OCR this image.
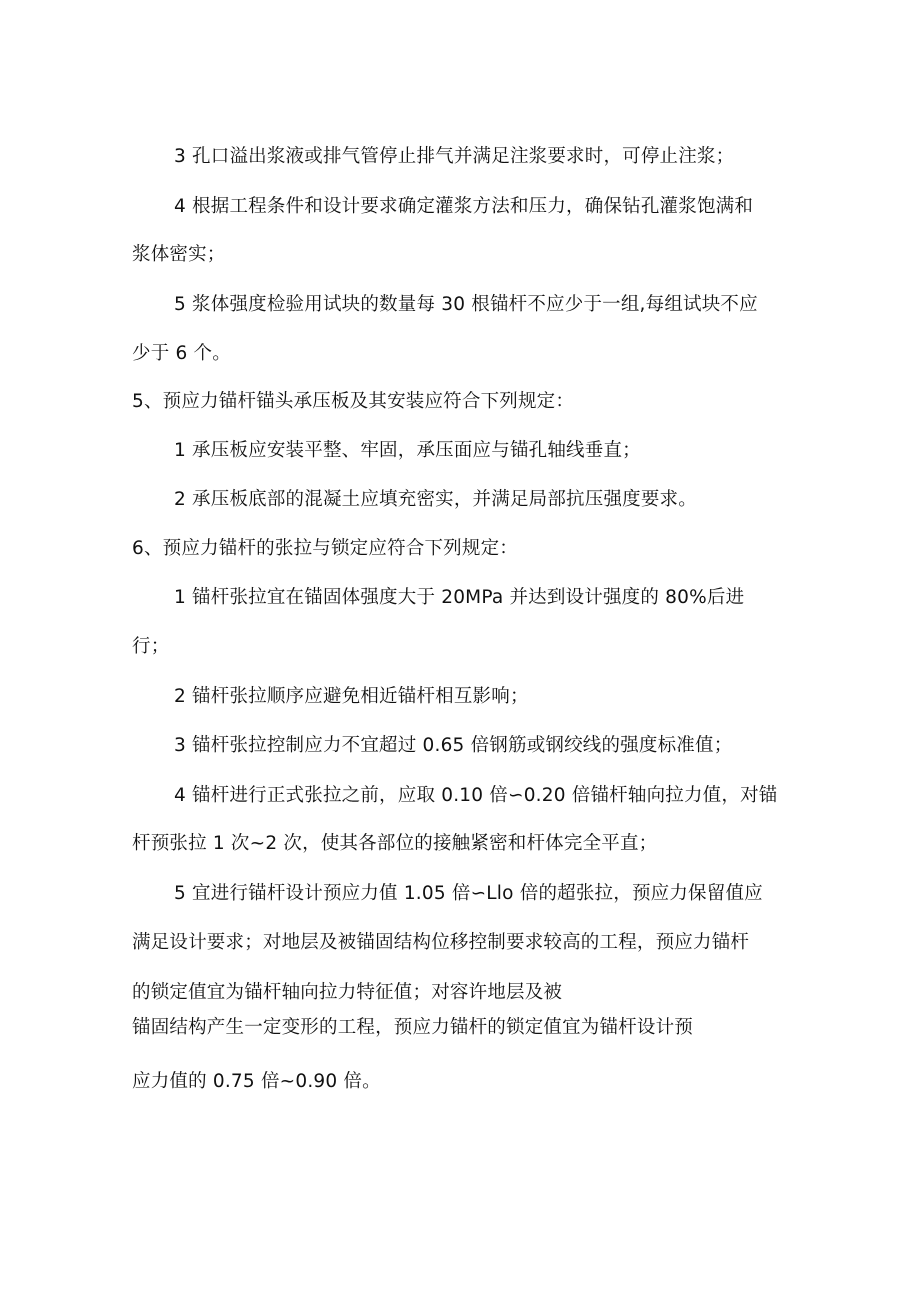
3 孔口溢出浆液或排气管停止排气并满足注浆要求时，可停止注浆；
4 根据工程条件和设计要求确定灌浆方法和压力，确保钻孔灌浆饱满和
浆体密实；
5 浆体强度检验用试块的数量每 30 根锚杆不应少于一组,每组试块不应
少于 6 个。
5、预应力锚杆锚头承压板及其安装应符合下列规定：
1 承压板应安装平整、牢固，承压面应与锚孔轴线垂直；
2 承压板底部的混凝土应填充密实，并满足局部抗压强度要求。
6、预应力锚杆的张拉与锁定应符合下列规定：
1 锚杆张拉宜在锚固体强度大于 20MPa 并达到设计强度的 80%后进
行；
2 锚杆张拉顺序应避免相近锚杆相互影响；
3 锚杆张拉控制应力不宜超过 0.65 倍钢筋或钢绞线的强度标准值；
4 锚杆进行正式张拉之前，应取 0.10 倍∽0.20 倍锚杆轴向拉力值，对锚
杆预张拉 1 次~2 次，使其各部位的接触紧密和杆体完全平直；
5 宜进行锚杆设计预应力值 1.05 倍∽Llo 倍的超张拉，预应力保留值应
满足设计要求；对地层及被锚固结构位移控制要求较高的工程，预应力锚杆
的锁定值宜为锚杆轴向拉力特征值；对容许地层及被
锚固结构产生一定变形的工程，预应力锚杆的锁定值宜为锚杆设计预
应力值的 0.75 倍~0.90 倍。
